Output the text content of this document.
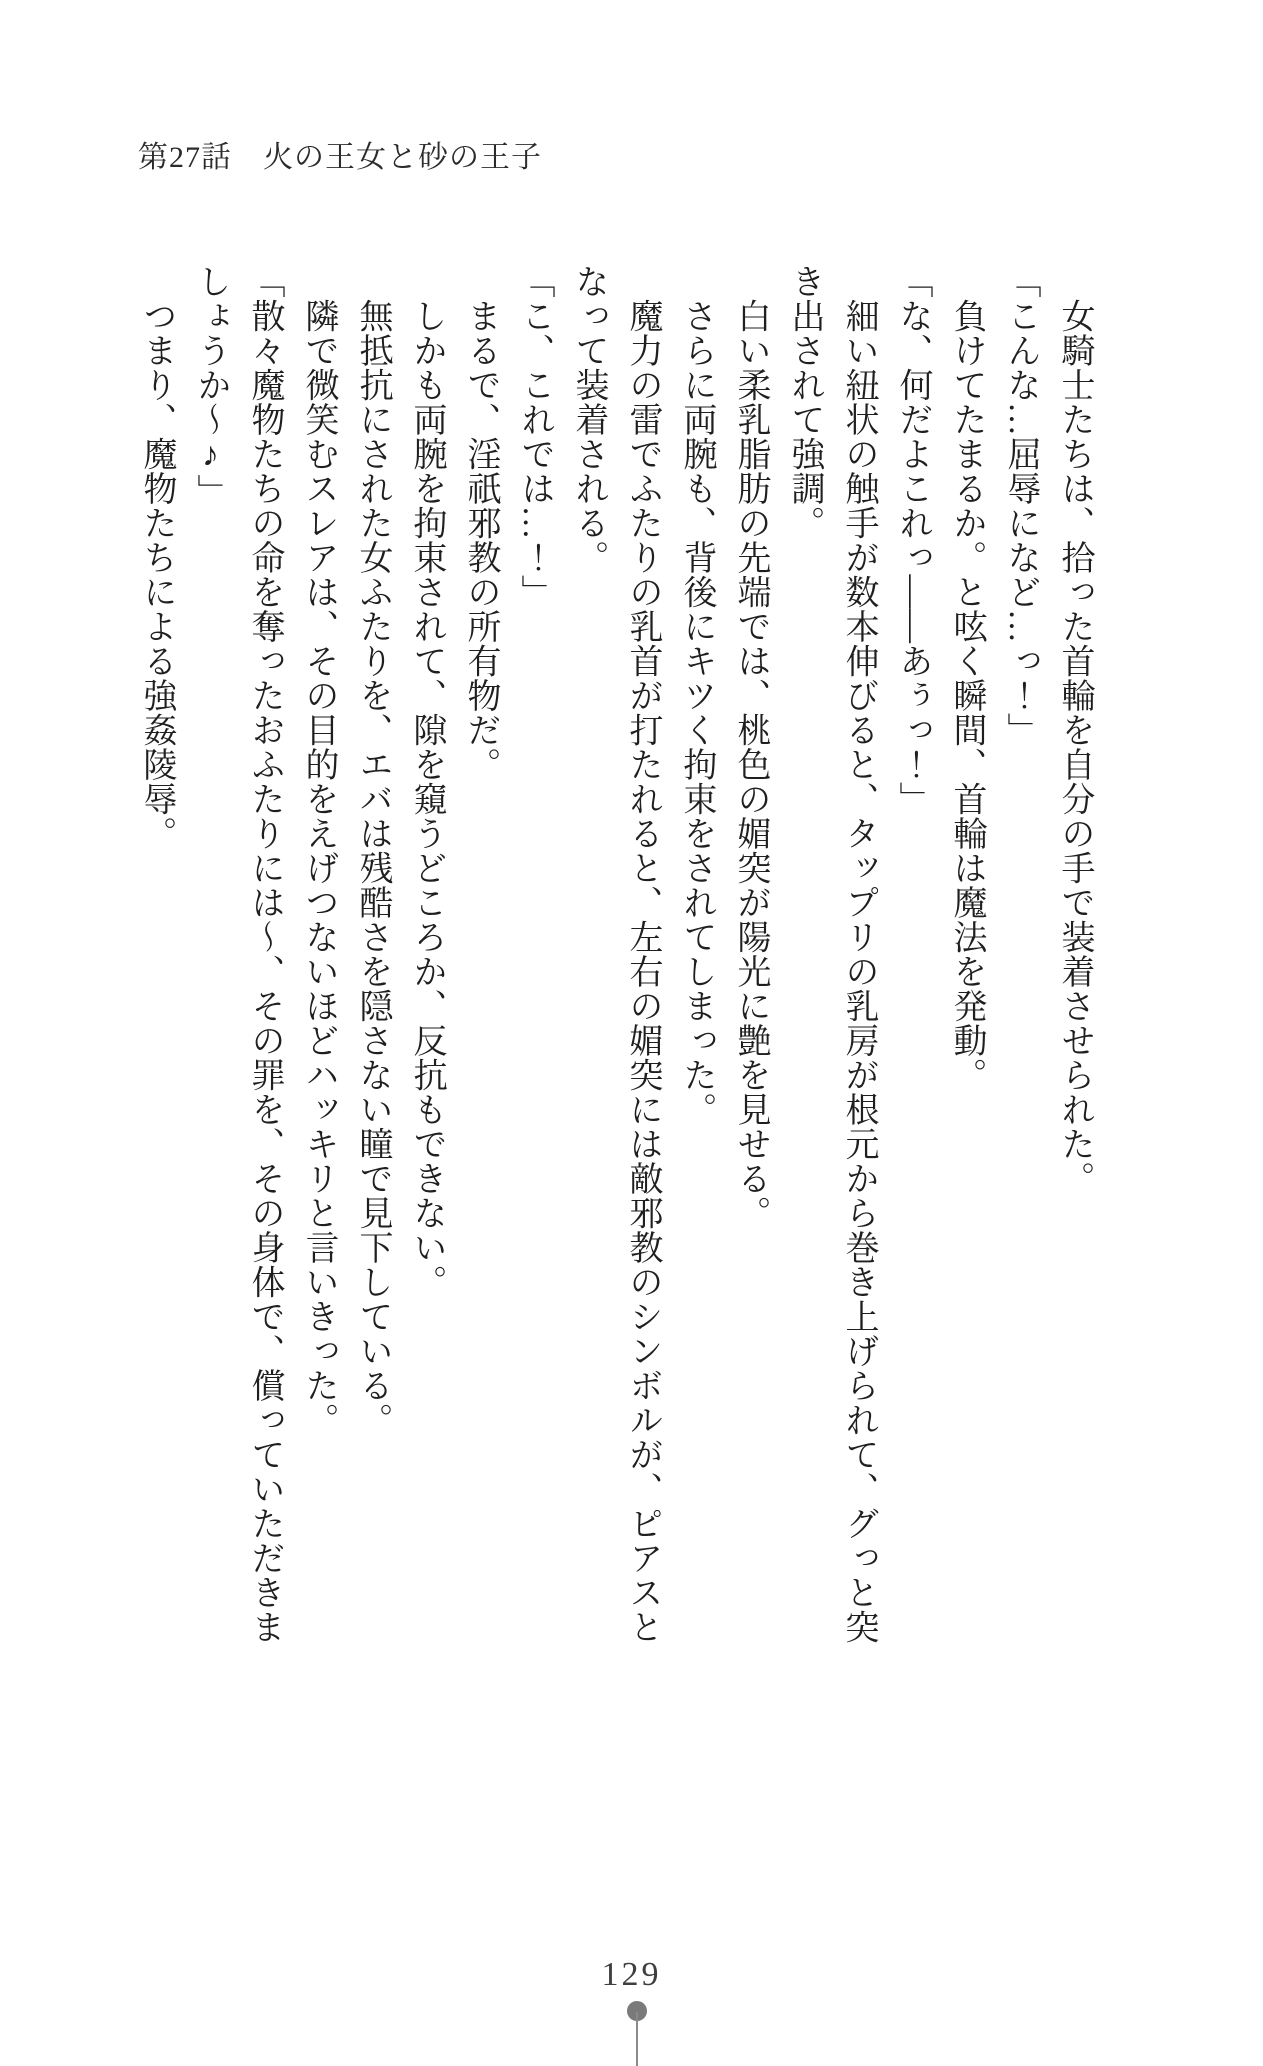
第27話　火の王女と砂の王子

　女騎士たちは、拾った首輪を自分の手で装着させられた。

「こんな…屈辱になど…っ！」

　負けてたまるか。と呟く瞬間、首輪は魔法を発動。

「な、何だよこれっ――あぅっ！」

　細い紐状の触手が数本伸びると、タップリの乳房が根元から巻き上げられて、グっと突

き出されて強調。

　白い柔乳脂肪の先端では、桃色の媚突が陽光に艶を見せる。

　さらに両腕も、背後にキツく拘束をされてしまった。

　魔力の雷でふたりの乳首が打たれると、左右の媚突には敵邪教のシンボルが、ピアスと

なって装着される。

「こ、これでは…！」

　まるで、淫祇邪教の所有物だ。

　しかも両腕を拘束されて、隙を窺うどころか、反抗もできない。

　無抵抗にされた女ふたりを、エバは残酷さを隠さない瞳で見下している。

　隣で微笑むスレアは、その目的をえげつないほどハッキリと言いきった。

「散々魔物たちの命を奪ったおふたりには〜、その罪を、その身体で、償っていただきま

しょうか〜♪」

　つまり、魔物たちによる強姦陵辱。

129
